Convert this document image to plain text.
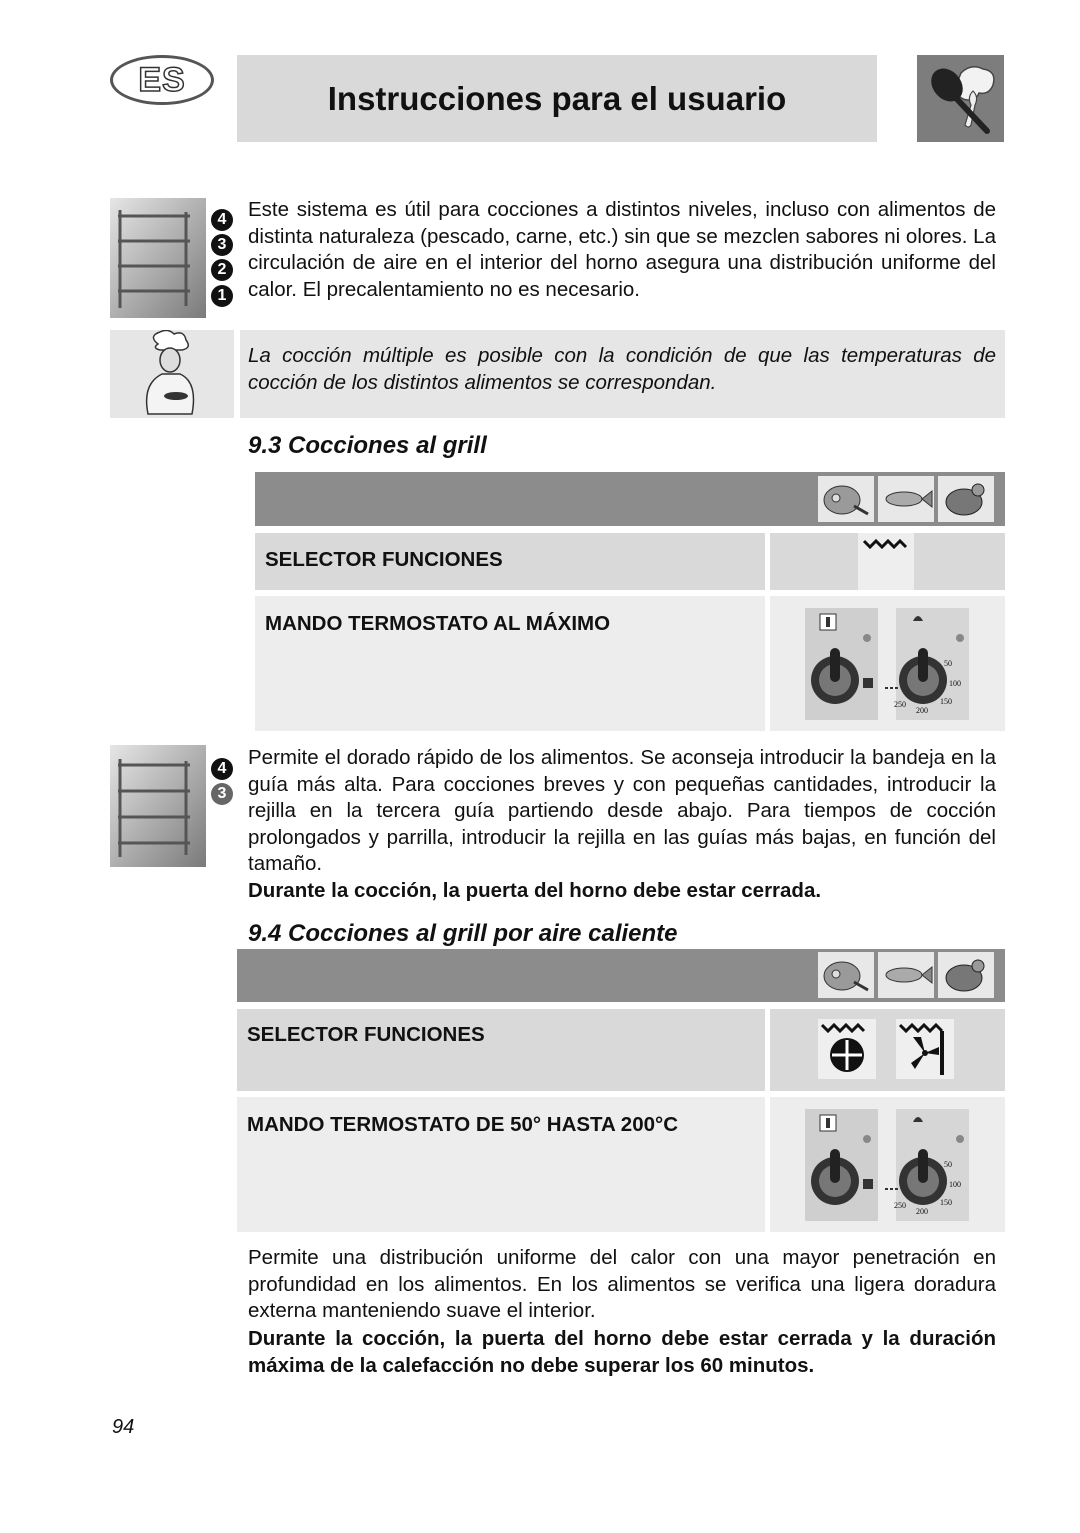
ES	Instrucciones para el usuario
4
3
2
1

Este sistema es útil para cocciones a distintos niveles, incluso con alimentos de distinta naturaleza (pescado, carne, etc.) sin que se mezclen sabores ni olores. La circulación de aire en el interior del horno asegura una distribución uniforme del calor. El precalentamiento no es necesario.

La cocción múltiple es posible con la condición de que las temperaturas de cocción de los distintos alimentos se correspondan.

9.3 Cocciones al grill
SELECTOR FUNCIONES
MANDO TERMOSTATO AL MÁXIMO
50
100
150
200
250
4
3

Permite el dorado rápido de los alimentos. Se aconseja introducir la bandeja en la guía más alta. Para cocciones breves y con pequeñas cantidades, introducir la rejilla en la tercera guía partiendo desde abajo. Para tiempos de cocción prolongados y parrilla, introducir la rejilla en las guías más bajas, en función del tamaño.

Durante la cocción, la puerta del horno debe estar cerrada.

9.4 Cocciones al grill por aire caliente
SELECTOR FUNCIONES
MANDO TERMOSTATO DE 50° HASTA 200°C
50
100
150
200
250

Permite una distribución uniforme del calor con una mayor penetración en profundidad en los alimentos. En los alimentos se verifica una ligera doradura externa manteniendo suave el interior.

Durante la cocción, la puerta del horno debe estar cerrada y la duración máxima de la calefacción no debe superar los 60 minutos.

94
